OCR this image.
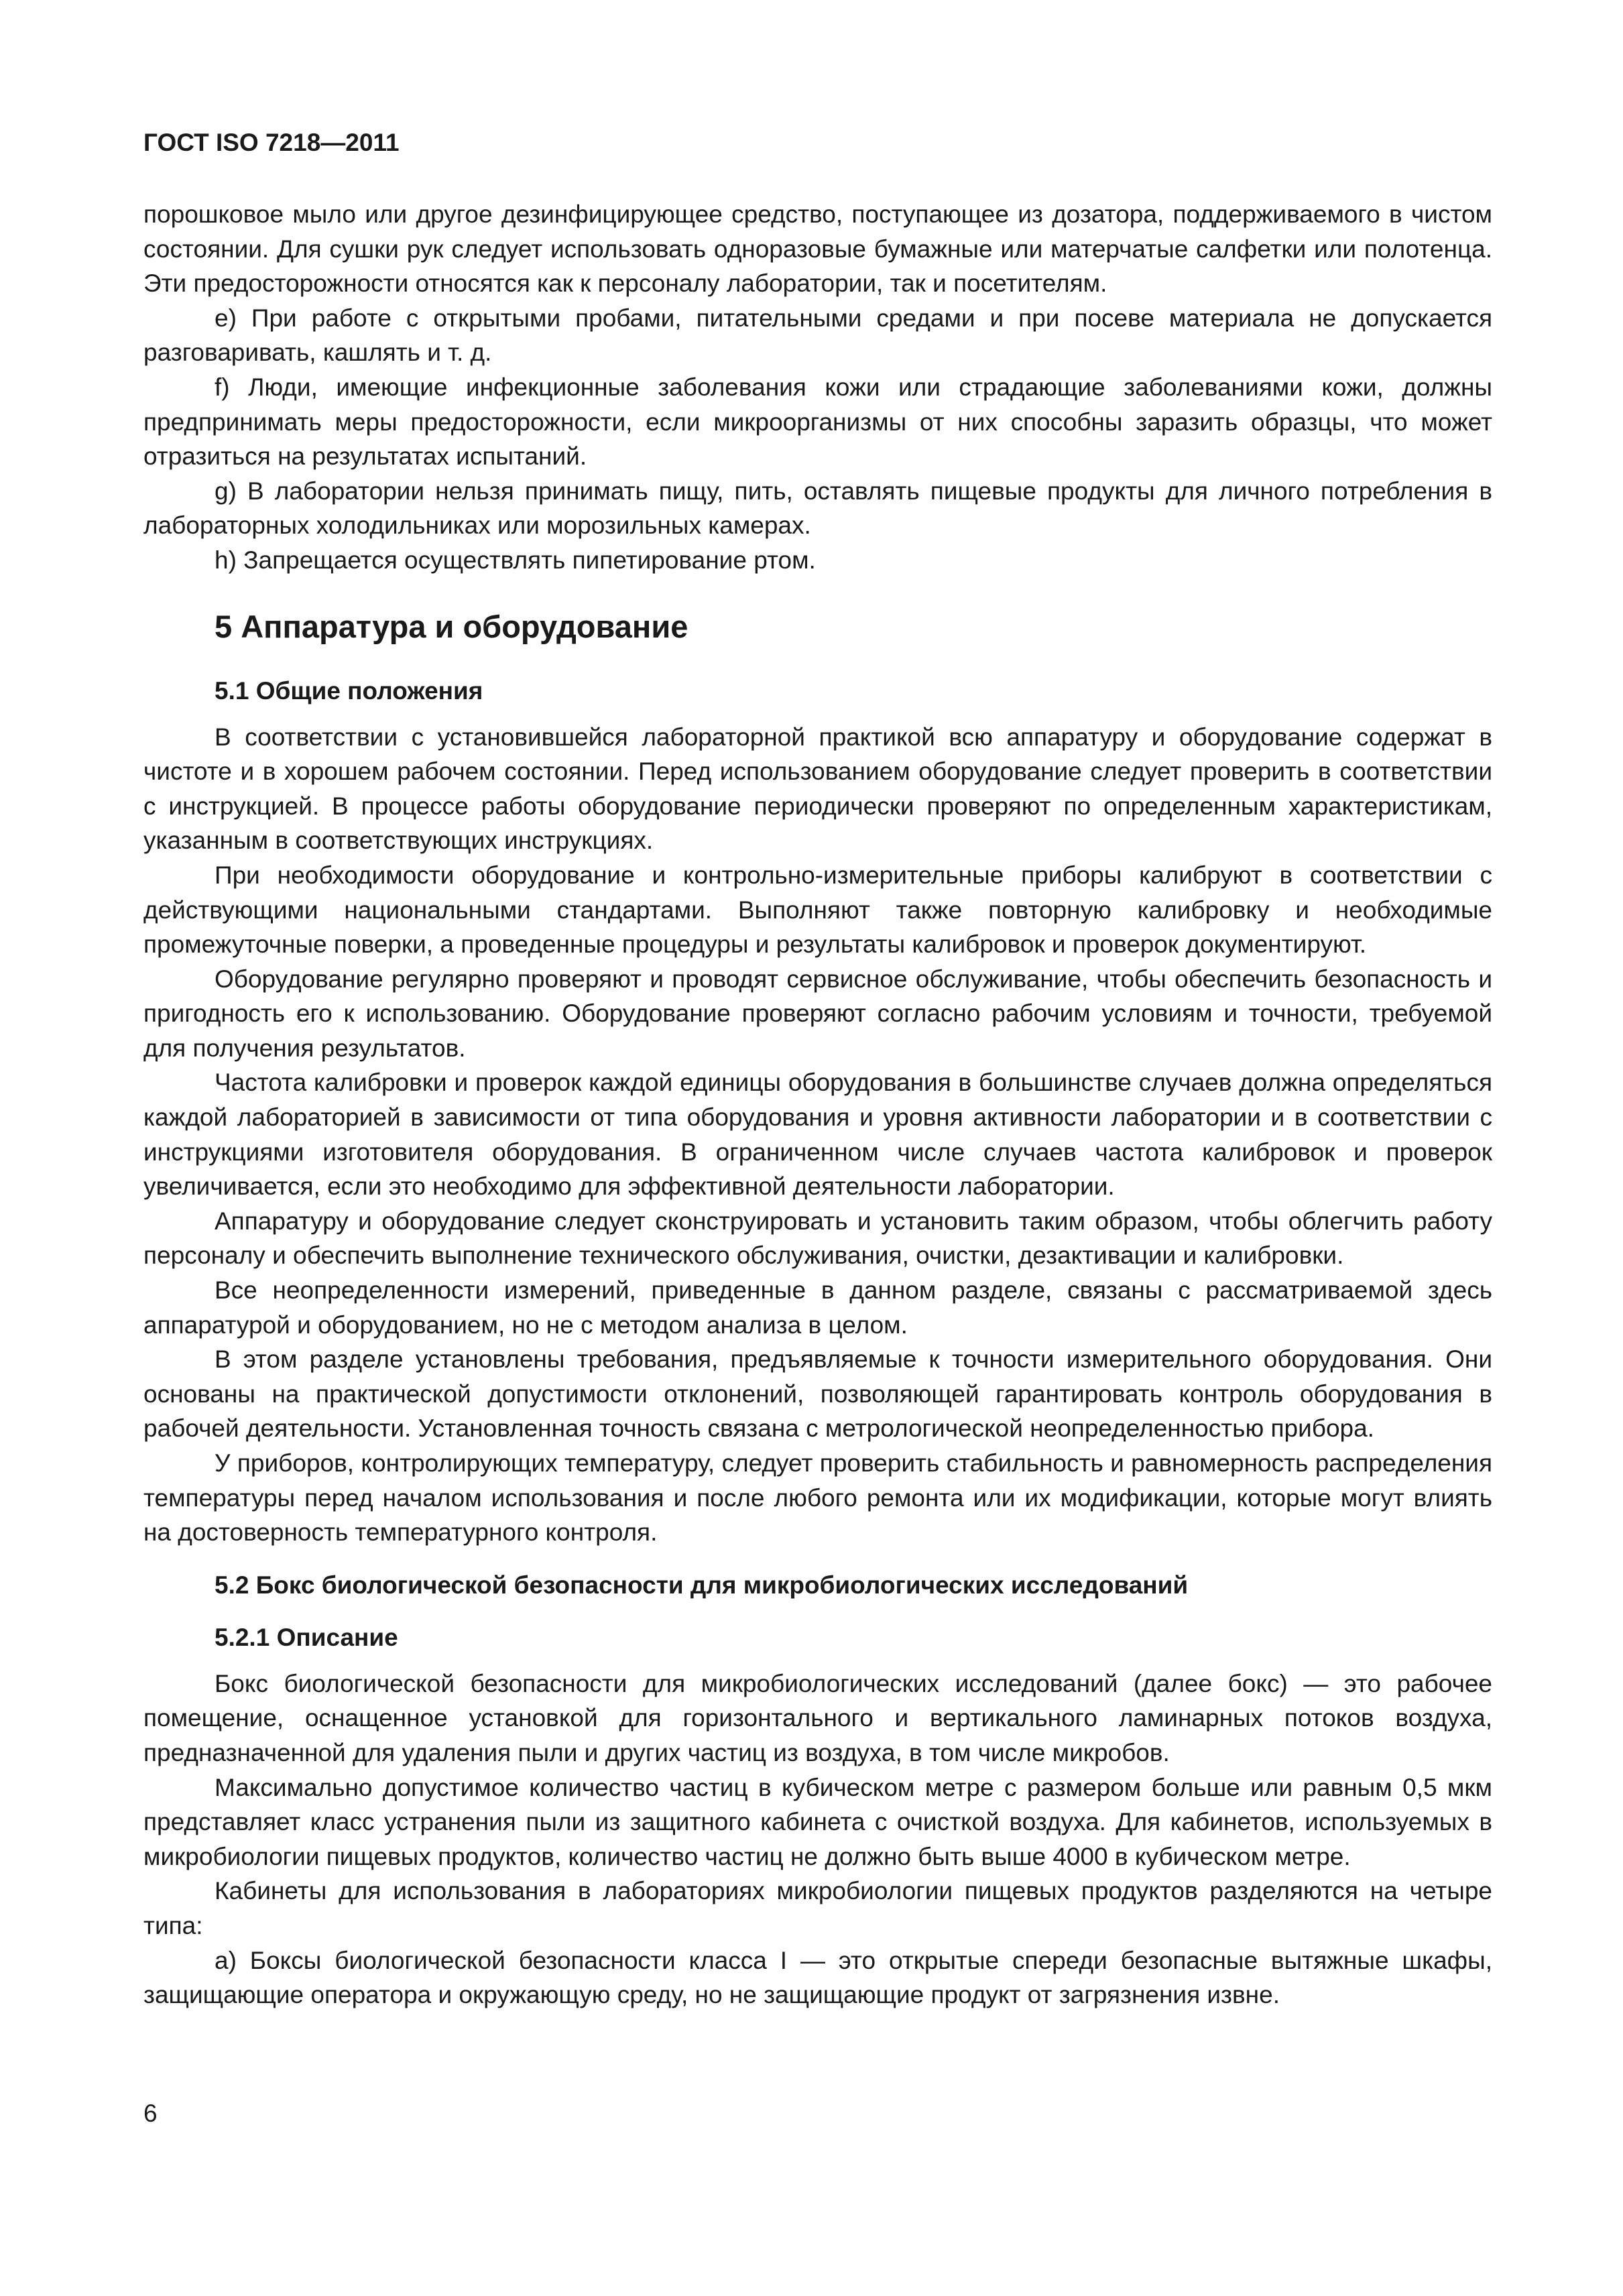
ГОСТ ISO 7218—2011

порошковое мыло или другое дезинфицирующее средство, поступающее из дозатора, поддерживаемого в чистом состоянии. Для сушки рук следует использовать одноразовые бумажные или матерчатые салфетки или полотенца. Эти предосторожности относятся как к персоналу лаборатории, так и посетителям.

e) При работе с открытыми пробами, питательными средами и при посеве материала не допускается разговаривать, кашлять и т. д.

f) Люди, имеющие инфекционные заболевания кожи или страдающие заболеваниями кожи, должны предпринимать меры предосторожности, если микроорганизмы от них способны заразить образцы, что может отразиться на результатах испытаний.

g) В лаборатории нельзя принимать пищу, пить, оставлять пищевые продукты для личного потребления в лабораторных холодильниках или морозильных камерах.

h) Запрещается осуществлять пипетирование ртом.

5 Аппаратура и оборудование
5.1 Общие положения

В соответствии с установившейся лабораторной практикой всю аппаратуру и оборудование содержат в чистоте и в хорошем рабочем состоянии. Перед использованием оборудование следует проверить в соответствии с инструкцией. В процессе работы оборудование периодически проверяют по определенным характеристикам, указанным в соответствующих инструкциях.

При необходимости оборудование и контрольно-измерительные приборы калибруют в соответствии с действующими национальными стандартами. Выполняют также повторную калибровку и необходимые промежуточные поверки, а проведенные процедуры и результаты калибровок и проверок документируют.

Оборудование регулярно проверяют и проводят сервисное обслуживание, чтобы обеспечить безопасность и пригодность его к использованию. Оборудование проверяют согласно рабочим условиям и точности, требуемой для получения результатов.

Частота калибровки и проверок каждой единицы оборудования в большинстве случаев должна определяться каждой лабораторией в зависимости от типа оборудования и уровня активности лаборатории и в соответствии с инструкциями изготовителя оборудования. В ограниченном числе случаев частота калибровок и проверок увеличивается, если это необходимо для эффективной деятельности лаборатории.

Аппаратуру и оборудование следует сконструировать и установить таким образом, чтобы облегчить работу персоналу и обеспечить выполнение технического обслуживания, очистки, дезактивации и калибровки.

Все неопределенности измерений, приведенные в данном разделе, связаны с рассматриваемой здесь аппаратурой и оборудованием, но не с методом анализа в целом.

В этом разделе установлены требования, предъявляемые к точности измерительного оборудования. Они основаны на практической допустимости отклонений, позволяющей гарантировать контроль оборудования в рабочей деятельности. Установленная точность связана с метрологической неопределенностью прибора.

У приборов, контролирующих температуру, следует проверить стабильность и равномерность распределения температуры перед началом использования и после любого ремонта или их модификации, которые могут влиять на достоверность температурного контроля.

5.2 Бокс биологической безопасности для микробиологических исследований
5.2.1 Описание

Бокс биологической безопасности для микробиологических исследований (далее бокс) — это рабочее помещение, оснащенное установкой для горизонтального и вертикального ламинарных потоков воздуха, предназначенной для удаления пыли и других частиц из воздуха, в том числе микробов.

Максимально допустимое количество частиц в кубическом метре с размером больше или равным 0,5 мкм представляет класс устранения пыли из защитного кабинета с очисткой воздуха. Для кабинетов, используемых в микробиологии пищевых продуктов, количество частиц не должно быть выше 4000 в кубическом метре.

Кабинеты для использования в лабораториях микробиологии пищевых продуктов разделяются на четыре типа:

а) Боксы биологической безопасности класса I — это открытые спереди безопасные вытяжные шкафы, защищающие оператора и окружающую среду, но не защищающие продукт от загрязнения извне.

6
